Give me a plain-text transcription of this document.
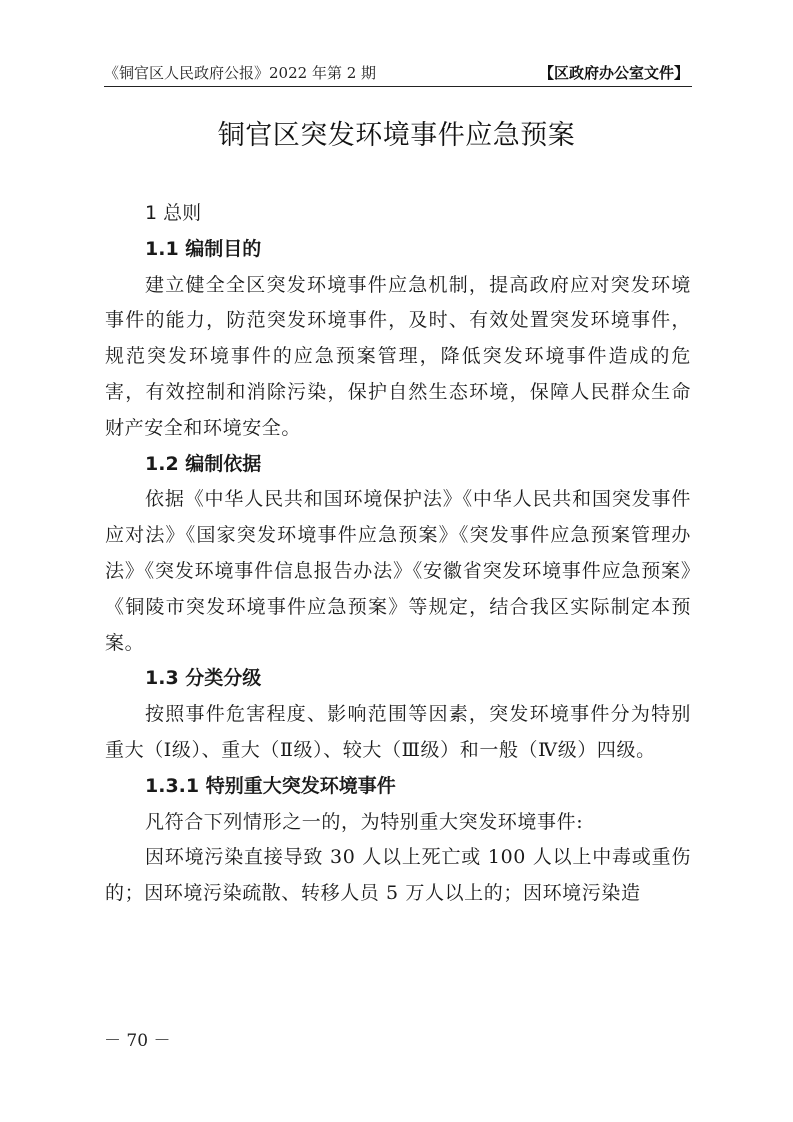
《铜官区人民政府公报》2022 年第 2 期	【区政府办公室文件】
铜官区突发环境事件应急预案

1 总则

1.1 编制目的

建立健全全区突发环境事件应急机制，提高政府应对突发环境事件的能力，防范突发环境事件，及时、有效处置突发环境事件，规范突发环境事件的应急预案管理，降低突发环境事件造成的危害，有效控制和消除污染，保护自然生态环境，保障人民群众生命财产安全和环境安全。

1.2 编制依据

依据《中华人民共和国环境保护法》《中华人民共和国突发事件应对法》《国家突发环境事件应急预案》《突发事件应急预案管理办法》《突发环境事件信息报告办法》《安徽省突发环境事件应急预案》《铜陵市突发环境事件应急预案》等规定，结合我区实际制定本预案。

1.3 分类分级

按照事件危害程度、影响范围等因素，突发环境事件分为特别重大（Ⅰ级）、重大（Ⅱ级）、较大（Ⅲ级）和一般（Ⅳ级）四级。

1.3.1 特别重大突发环境事件

凡符合下列情形之一的，为特别重大突发环境事件:

因环境污染直接导致 30 人以上死亡或 100 人以上中毒或重伤的；因环境污染疏散、转移人员 5 万人以上的；因环境污染造

－ 70 －
